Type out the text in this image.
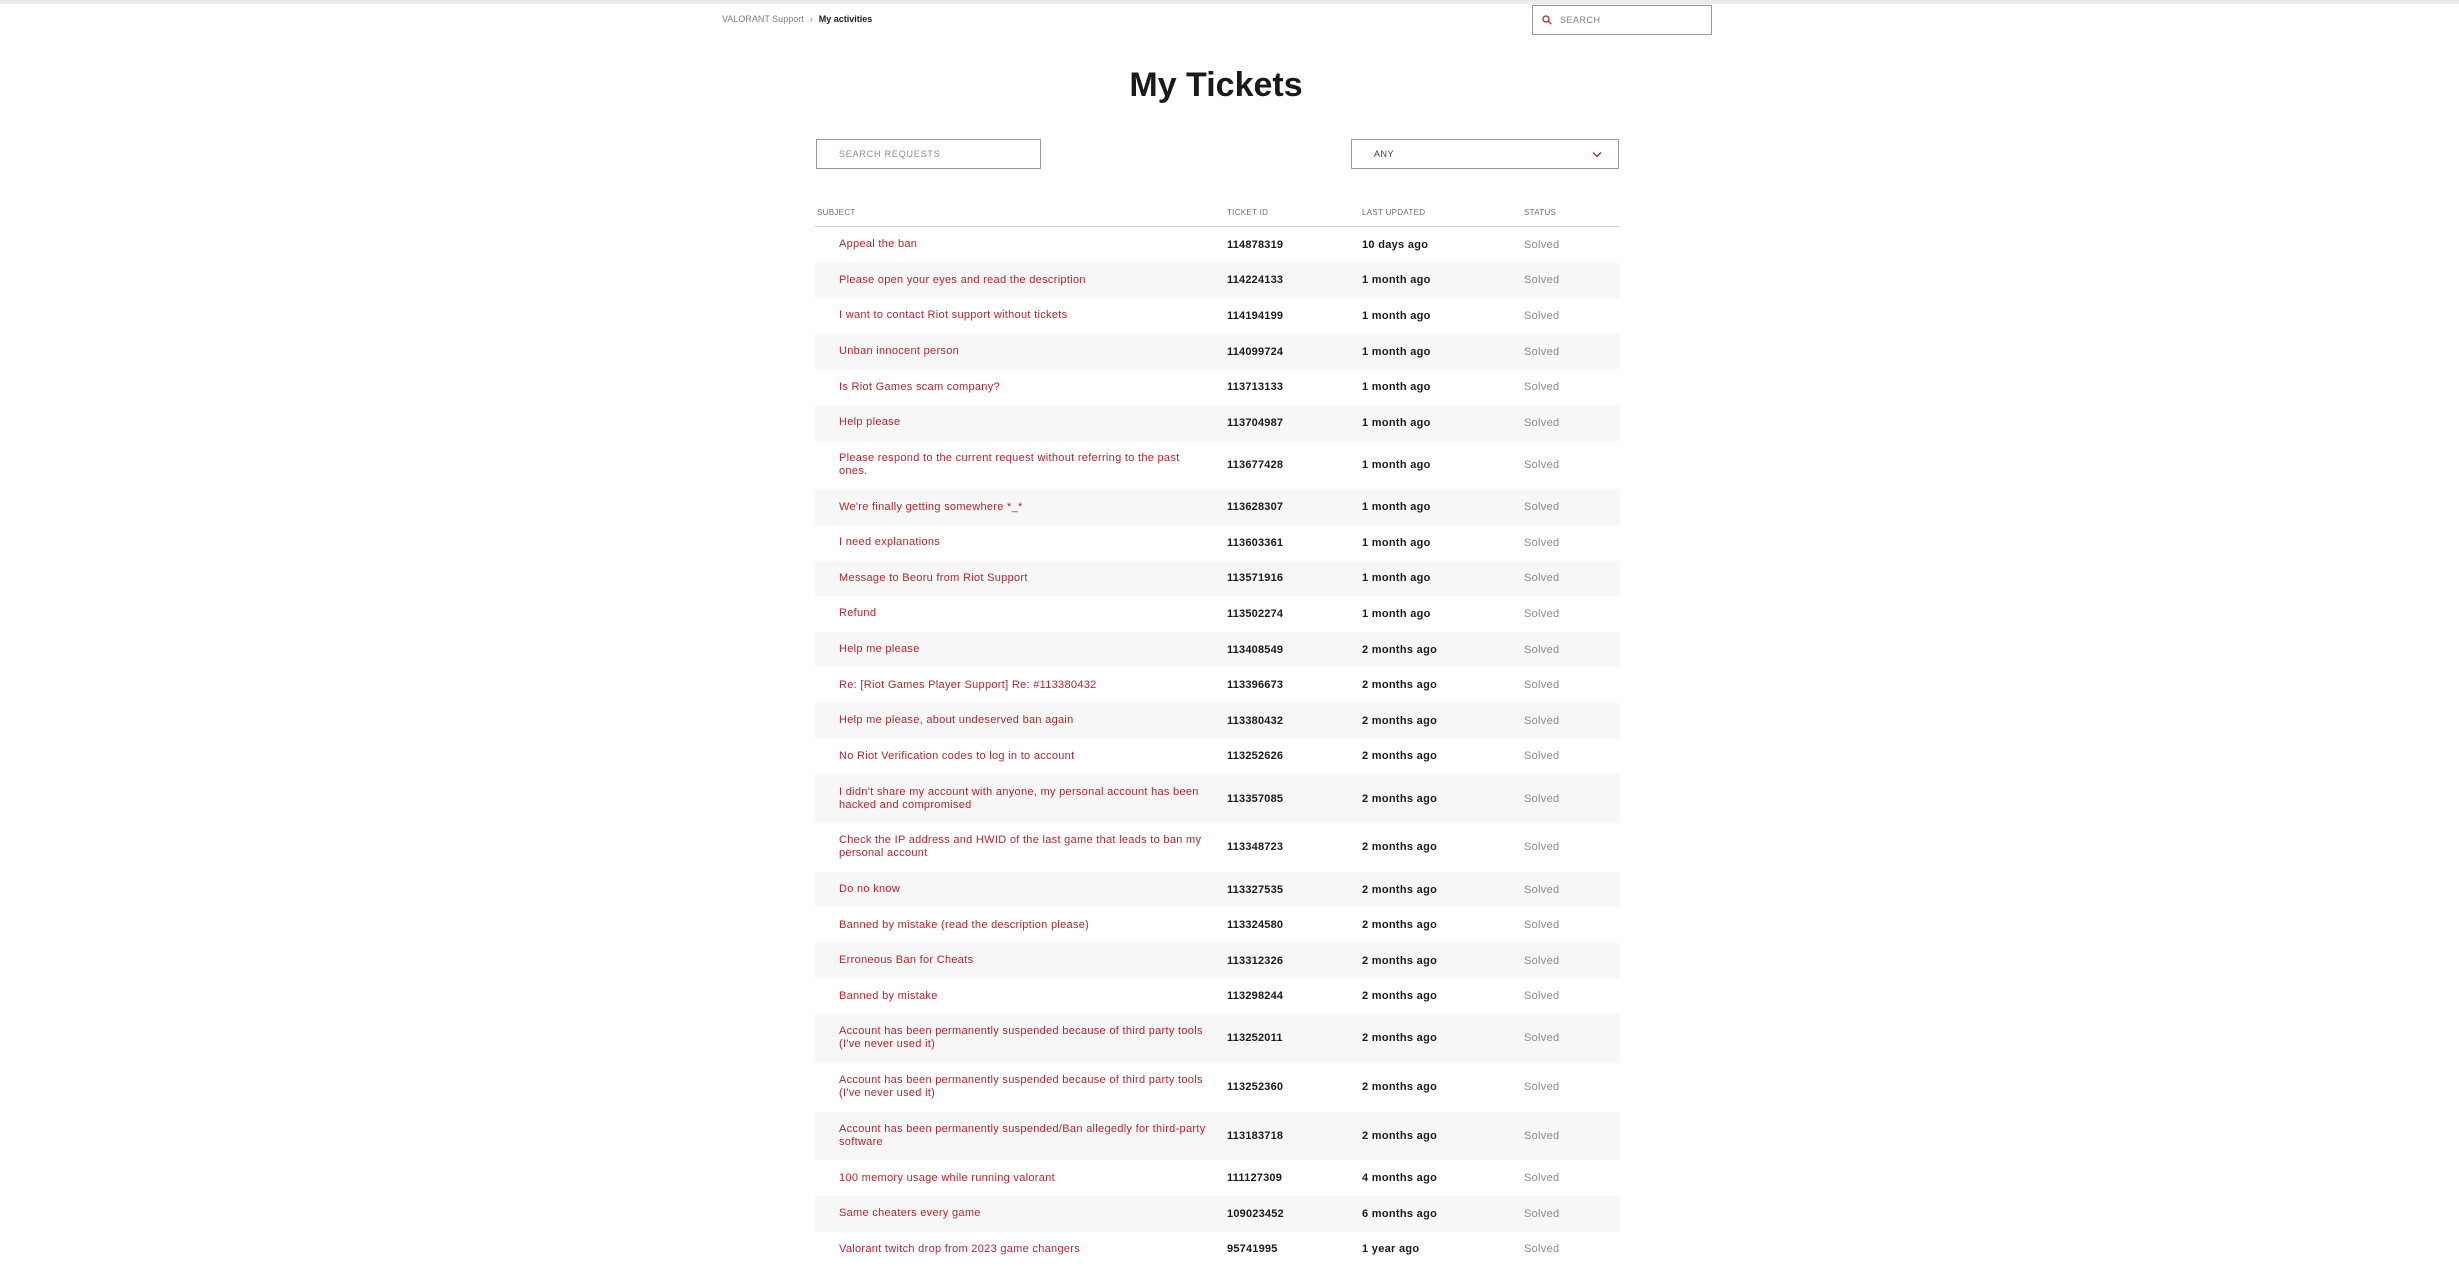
VALORANT Support › My activities
SEARCH
My Tickets
SEARCH REQUESTS
ANY
SUBJECT	TICKET ID	LAST UPDATED	STATUS

Appeal the ban	114878319	10 days ago	Solved

Please open your eyes and read the description	114224133	1 month ago	Solved

I want to contact Riot support without tickets	114194199	1 month ago	Solved

Unban innocent person	114099724	1 month ago	Solved

Is Riot Games scam company?	113713133	1 month ago	Solved

Help please	113704987	1 month ago	Solved

Please respond to the current request without referring to the past ones.	113677428	1 month ago	Solved

We're finally getting somewhere *_*	113628307	1 month ago	Solved

I need explanations	113603361	1 month ago	Solved

Message to Beoru from Riot Support	113571916	1 month ago	Solved

Refund	113502274	1 month ago	Solved

Help me please	113408549	2 months ago	Solved

Re: [Riot Games Player Support] Re: #113380432	113396673	2 months ago	Solved

Help me please, about undeserved ban again	113380432	2 months ago	Solved

No Riot Verification codes to log in to account	113252626	2 months ago	Solved

I didn't share my account with anyone, my personal account has been hacked and compromised	113357085	2 months ago	Solved

Check the IP address and HWID of the last game that leads to ban my personal account	113348723	2 months ago	Solved

Do no know	113327535	2 months ago	Solved

Banned by mistake (read the description please)	113324580	2 months ago	Solved

Erroneous Ban for Cheats	113312326	2 months ago	Solved

Banned by mistake	113298244	2 months ago	Solved

Account has been permanently suspended because of third party tools (I've never used it)	113252011	2 months ago	Solved

Account has been permanently suspended because of third party tools (I've never used it)	113252360	2 months ago	Solved

Account has been permanently suspended/Ban allegedly for third-party software	113183718	2 months ago	Solved

100 memory usage while running valorant	111127309	4 months ago	Solved

Same cheaters every game	109023452	6 months ago	Solved

Valorant twitch drop from 2023 game changers	95741995	1 year ago	Solved
